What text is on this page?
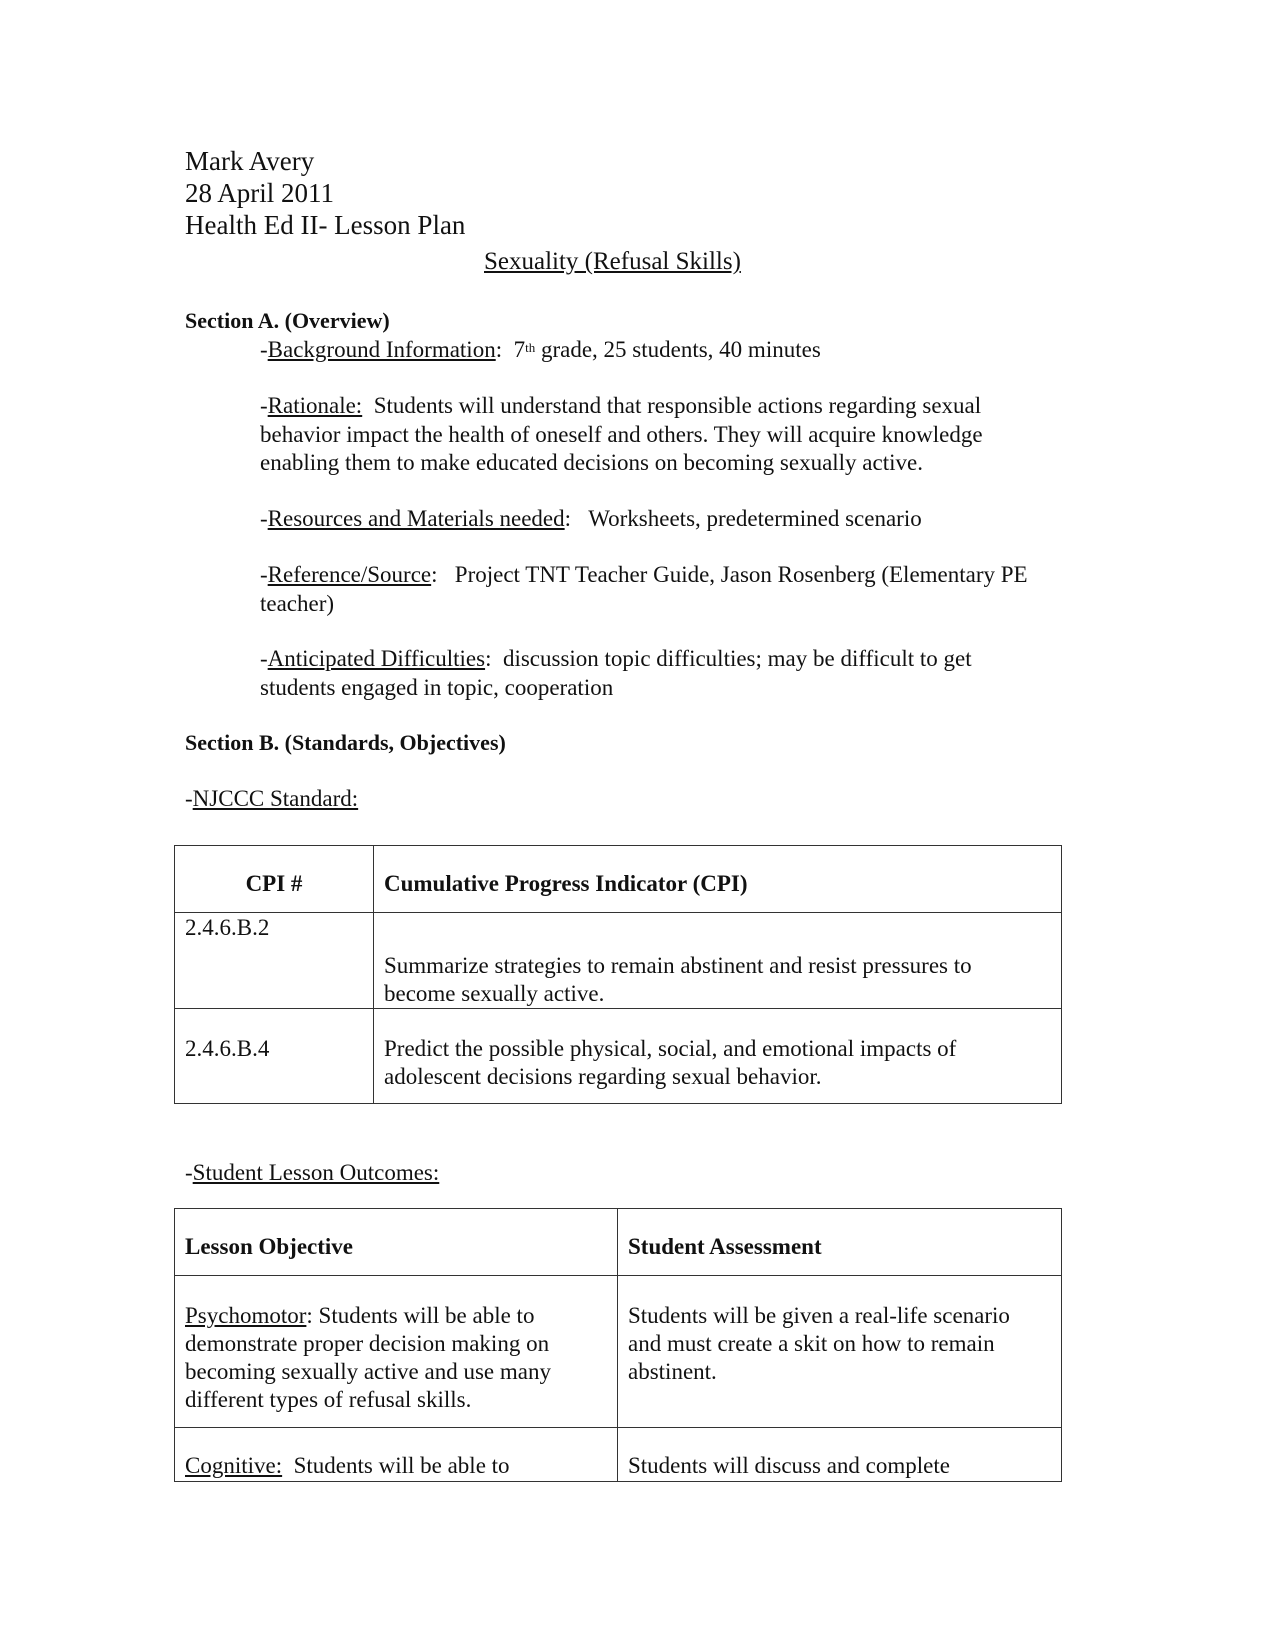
Mark Avery
28 April 2011
Health Ed II- Lesson Plan
Sexuality (Refusal Skills)
Section A. (Overview)
-Background Information:  7th grade, 25 students, 40 minutes
-Rationale: Students will understand that responsible actions regarding sexual behavior impact the health of oneself and others. They will acquire knowledge enabling them to make educated decisions on becoming sexually active.
-Resources and Materials needed:   Worksheets, predetermined scenario
-Reference/Source:   Project TNT Teacher Guide, Jason Rosenberg (Elementary PE teacher)
-Anticipated Difficulties:  discussion topic difficulties; may be difficult to get students engaged in topic, cooperation
Section B. (Standards, Objectives)
-NJCCC Standard:
CPI #	Cumulative Progress Indicator (CPI)

2.4.6.B.2	Summarize strategies to remain abstinent and resist pressures to become sexually active.

2.4.6.B.4	Predict the possible physical, social, and emotional impacts of adolescent decisions regarding sexual behavior.
-Student Lesson Outcomes:
Lesson Objective	Student Assessment

Psychomotor: Students will be able to demonstrate proper decision making on becoming sexually active and use many different types of refusal skills.	Students will be given a real-life scenario and must create a skit on how to remain abstinent.

Cognitive:  Students will be able to	Students will discuss and complete
